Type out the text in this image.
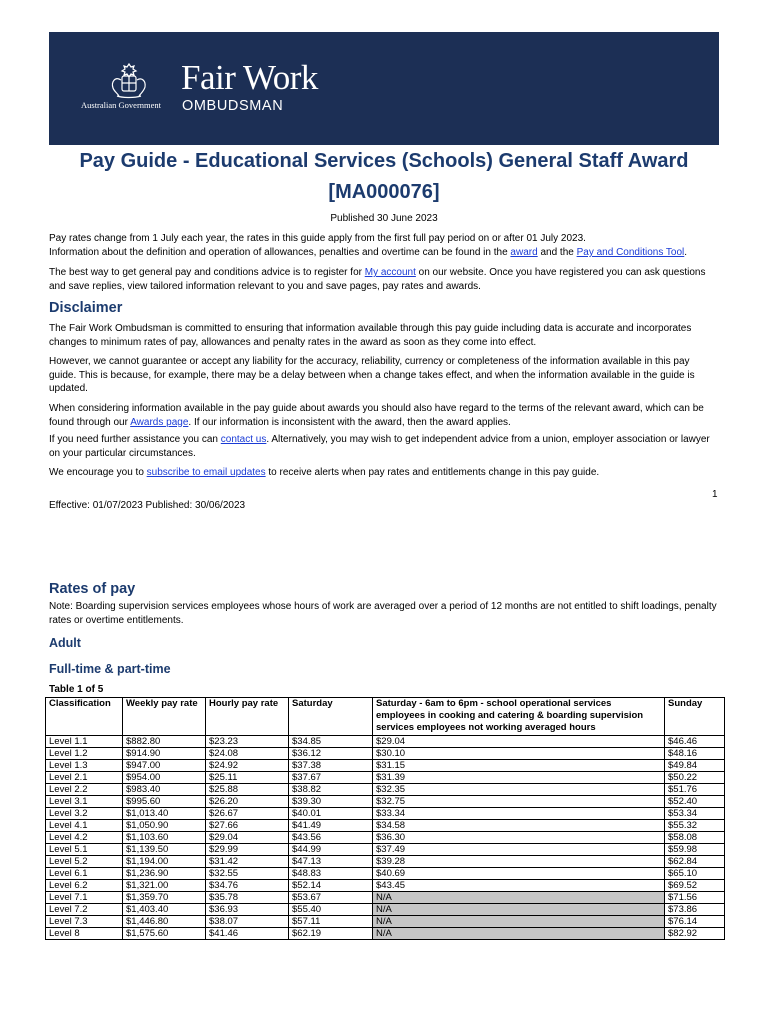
Australian Government
Fair Work
OMBUDSMAN
Pay Guide - Educational Services (Schools) General Staff Award
[MA000076]
Published 30 June 2023
Pay rates change from 1 July each year, the rates in this guide apply from the first full pay period on or after 01 July 2023.
Information about the definition and operation of allowances, penalties and overtime can be found in the award and the Pay and Conditions Tool.
The best way to get general pay and conditions advice is to register for My account on our website. Once you have registered you can ask questions and save replies, view tailored information relevant to you and save pages, pay rates and awards.
Disclaimer
The Fair Work Ombudsman is committed to ensuring that information available through this pay guide including data is accurate and incorporates changes to minimum rates of pay, allowances and penalty rates in the award as soon as they come into effect.
However, we cannot guarantee or accept any liability for the accuracy, reliability, currency or completeness of the information available in this pay guide. This is because, for example, there may be a delay between when a change takes effect, and when the information available in the guide is updated.
When considering information available in the pay guide about awards you should also have regard to the terms of the relevant award, which can be found through our Awards page. If our information is inconsistent with the award, then the award applies.
If you need further assistance you can contact us. Alternatively, you may wish to get independent advice from a union, employer association or lawyer on your particular circumstances.
We encourage you to subscribe to email updates to receive alerts when pay rates and entitlements change in this pay guide.
1
Effective: 01/07/2023 Published: 30/06/2023
Rates of pay
Note: Boarding supervision services employees whose hours of work are averaged over a period of 12 months are not entitled to shift loadings, penalty rates or overtime entitlements.
Adult
Full-time & part-time
Table 1 of 5
Classification	Weekly pay rate	Hourly pay rate	Saturday	Saturday - 6am to 6pm - school operational services employees in cooking and catering & boarding supervision services employees not working averaged hours	Sunday
Level 1.1	$882.80	$23.23	$34.85	$29.04	$46.46
Level 1.2	$914.90	$24.08	$36.12	$30.10	$48.16
Level 1.3	$947.00	$24.92	$37.38	$31.15	$49.84
Level 2.1	$954.00	$25.11	$37.67	$31.39	$50.22
Level 2.2	$983.40	$25.88	$38.82	$32.35	$51.76
Level 3.1	$995.60	$26.20	$39.30	$32.75	$52.40
Level 3.2	$1,013.40	$26.67	$40.01	$33.34	$53.34
Level 4.1	$1,050.90	$27.66	$41.49	$34.58	$55.32
Level 4.2	$1,103.60	$29.04	$43.56	$36.30	$58.08
Level 5.1	$1,139.50	$29.99	$44.99	$37.49	$59.98
Level 5.2	$1,194.00	$31.42	$47.13	$39.28	$62.84
Level 6.1	$1,236.90	$32.55	$48.83	$40.69	$65.10
Level 6.2	$1,321.00	$34.76	$52.14	$43.45	$69.52
Level 7.1	$1,359.70	$35.78	$53.67	N/A	$71.56
Level 7.2	$1,403.40	$36.93	$55.40	N/A	$73.86
Level 7.3	$1,446.80	$38.07	$57.11	N/A	$76.14
Level 8	$1,575.60	$41.46	$62.19	N/A	$82.92
